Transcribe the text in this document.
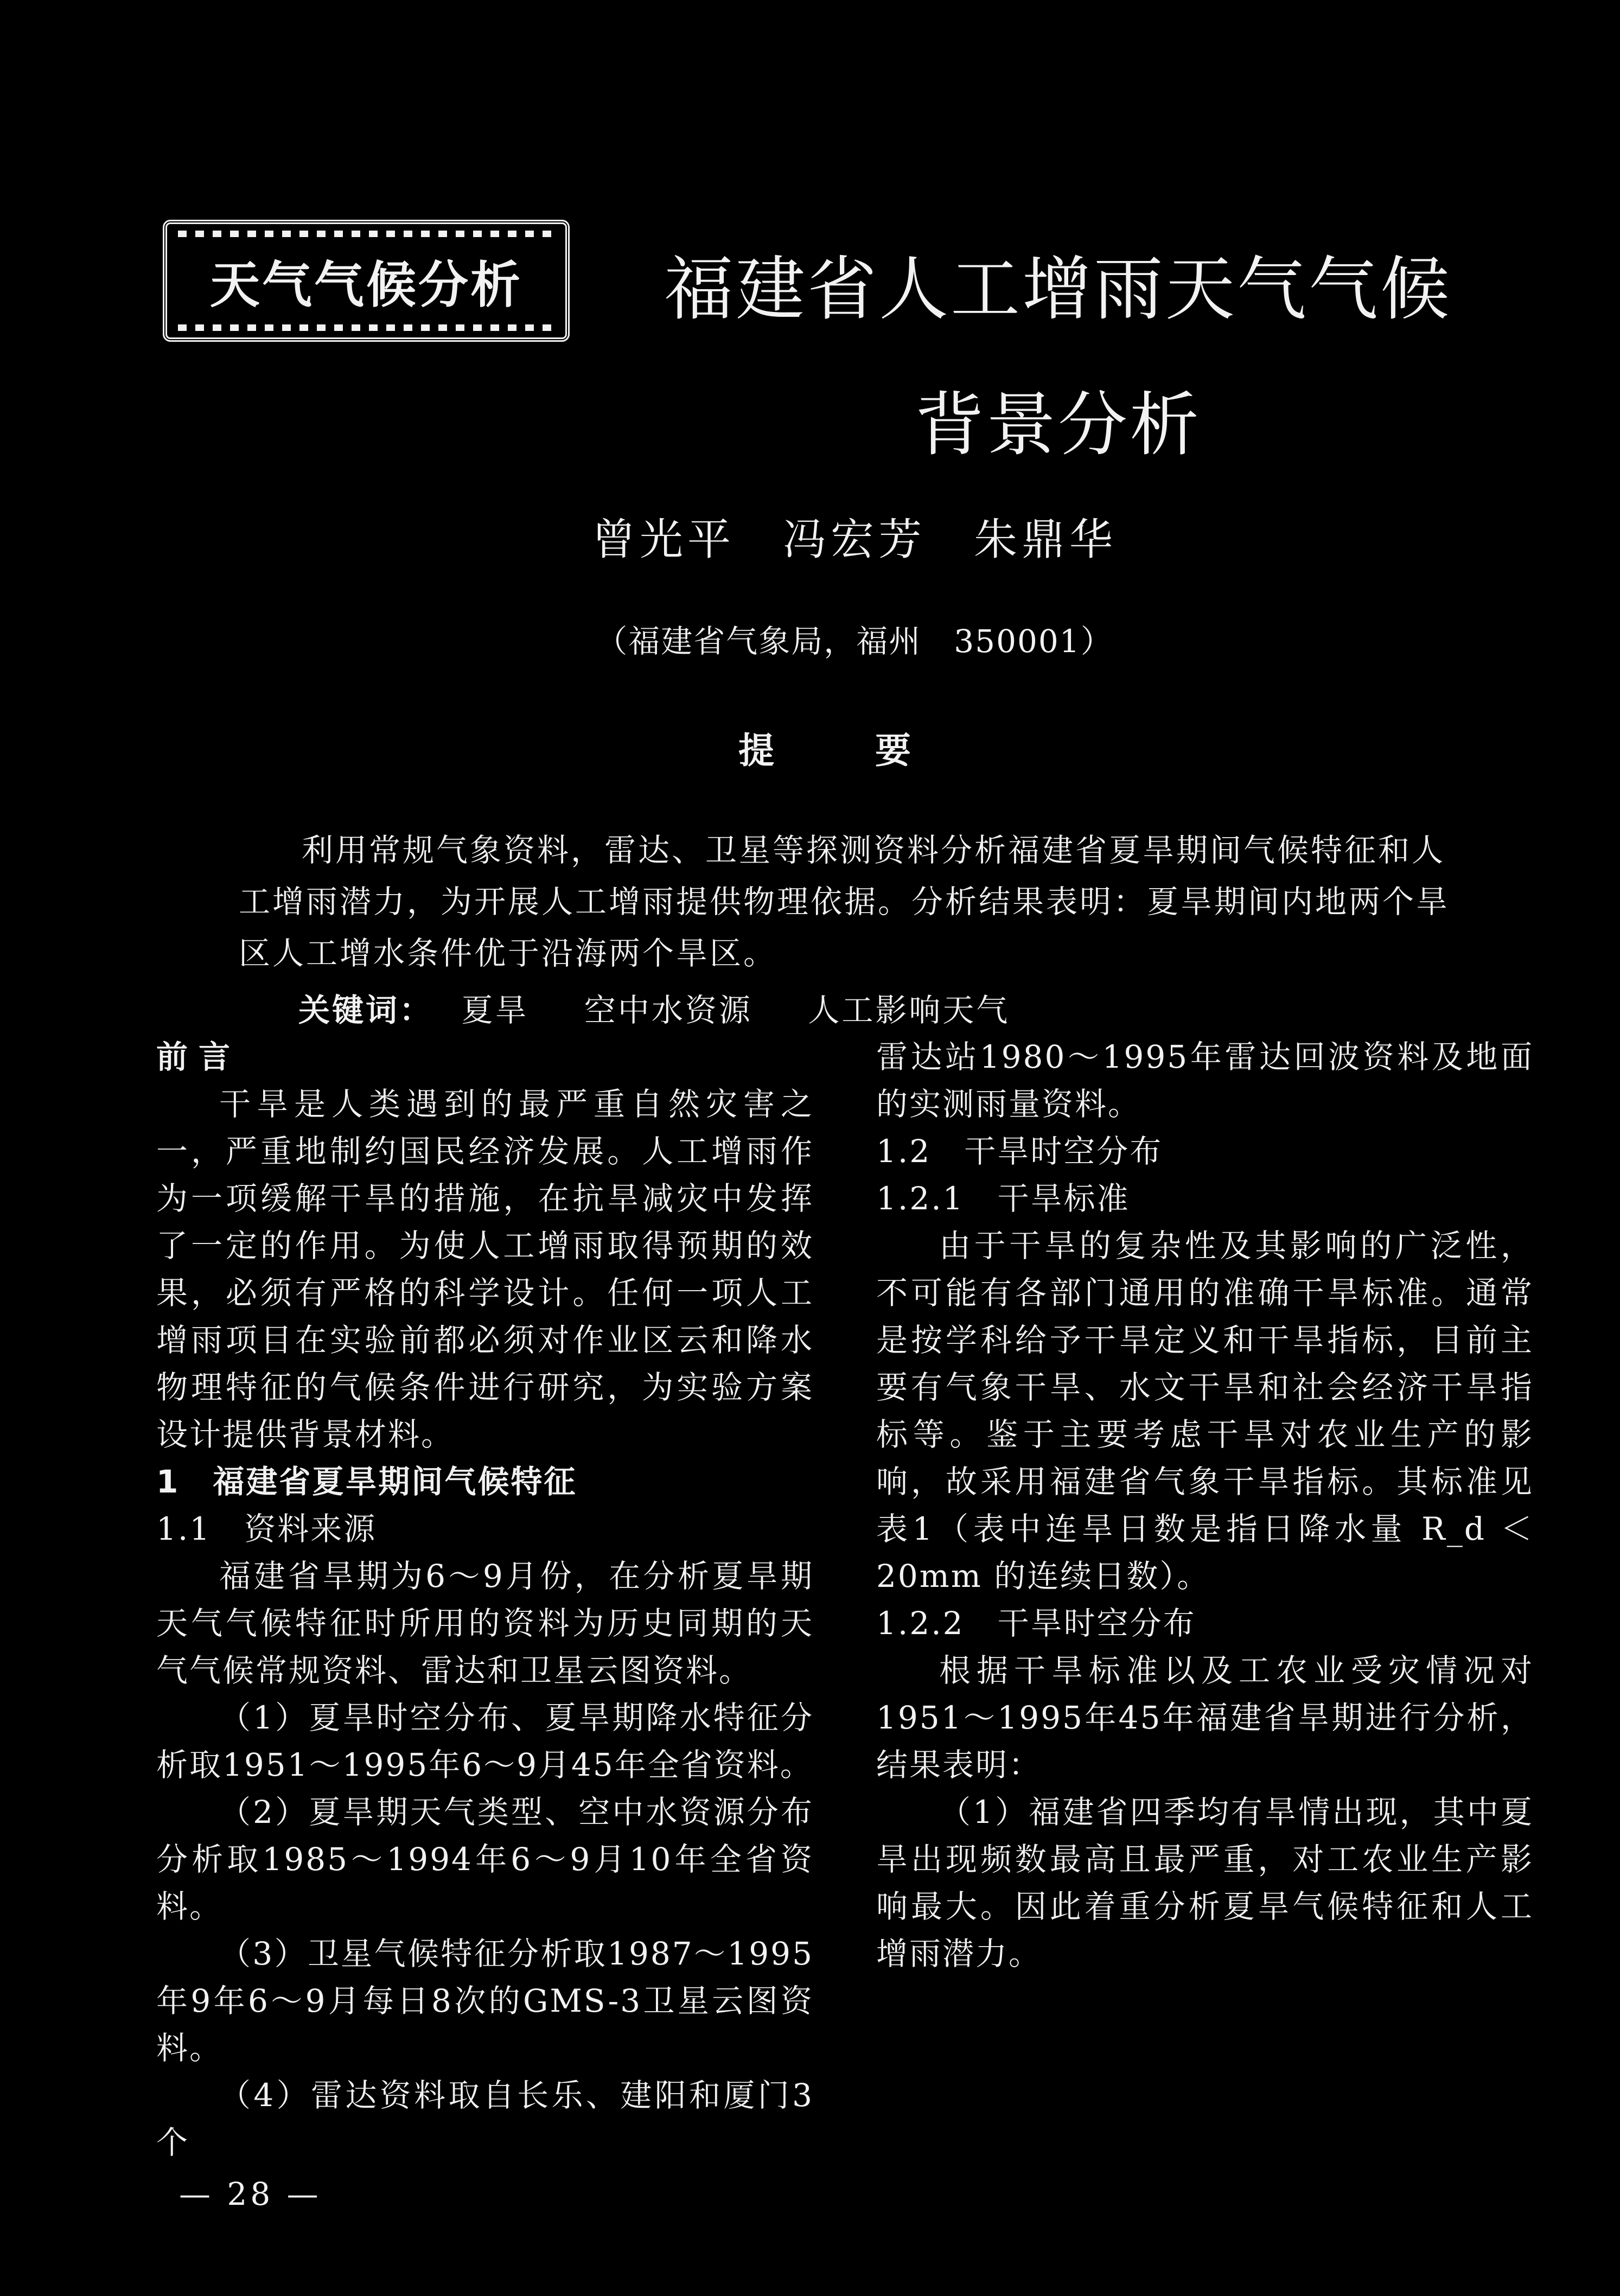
天气气候分析	福建省人工增雨天气气候
背景分析
曾光平　冯宏芳　朱鼎华
（福建省气象局，福州　350001）
提　要

利用常规气象资料，雷达、卫星等探测资料分析福建省夏旱期间气候特征和人工增雨潜力，为开展人工增雨提供物理依据。分析结果表明：夏旱期间内地两个旱区人工增水条件优于沿海两个旱区。

关键词： 夏旱 空中水资源 人工影响天气

前言

干旱是人类遇到的最严重自然灾害之一，严重地制约国民经济发展。人工增雨作为一项缓解干旱的措施，在抗旱减灾中发挥了一定的作用。为使人工增雨取得预期的效果，必须有严格的科学设计。任何一项人工增雨项目在实验前都必须对作业区云和降水物理特征的气候条件进行研究，为实验方案设计提供背景材料。

1　福建省夏旱期间气候特征

1.1　资料来源

福建省旱期为6～9月份，在分析夏旱期天气气候特征时所用的资料为历史同期的天气气候常规资料、雷达和卫星云图资料。

（1）夏旱时空分布、夏旱期降水特征分析取1951～1995年6～9月45年全省资料。

（2）夏旱期天气类型、空中水资源分布分析取1985～1994年6～9月10年全省资料。

（3）卫星气候特征分析取1987～1995年9年6～9月每日8次的GMS-3卫星云图资料。

（4）雷达资料取自长乐、建阳和厦门3个

雷达站1980～1995年雷达回波资料及地面的实测雨量资料。

1.2　干旱时空分布

1.2.1　干旱标准

由于干旱的复杂性及其影响的广泛性，不可能有各部门通用的准确干旱标准。通常是按学科给予干旱定义和干旱指标，目前主要有气象干旱、水文干旱和社会经济干旱指标等。鉴于主要考虑干旱对农业生产的影响，故采用福建省气象干旱指标。其标准见表1（表中连旱日数是指日降水量 R_d ＜20mm 的连续日数）。

1.2.2　干旱时空分布

根据干旱标准以及工农业受灾情况对1951～1995年45年福建省旱期进行分析，结果表明：

（1）福建省四季均有旱情出现，其中夏旱出现频数最高且最严重，对工农业生产影响最大。因此着重分析夏旱气候特征和人工增雨潜力。

— 28 —
